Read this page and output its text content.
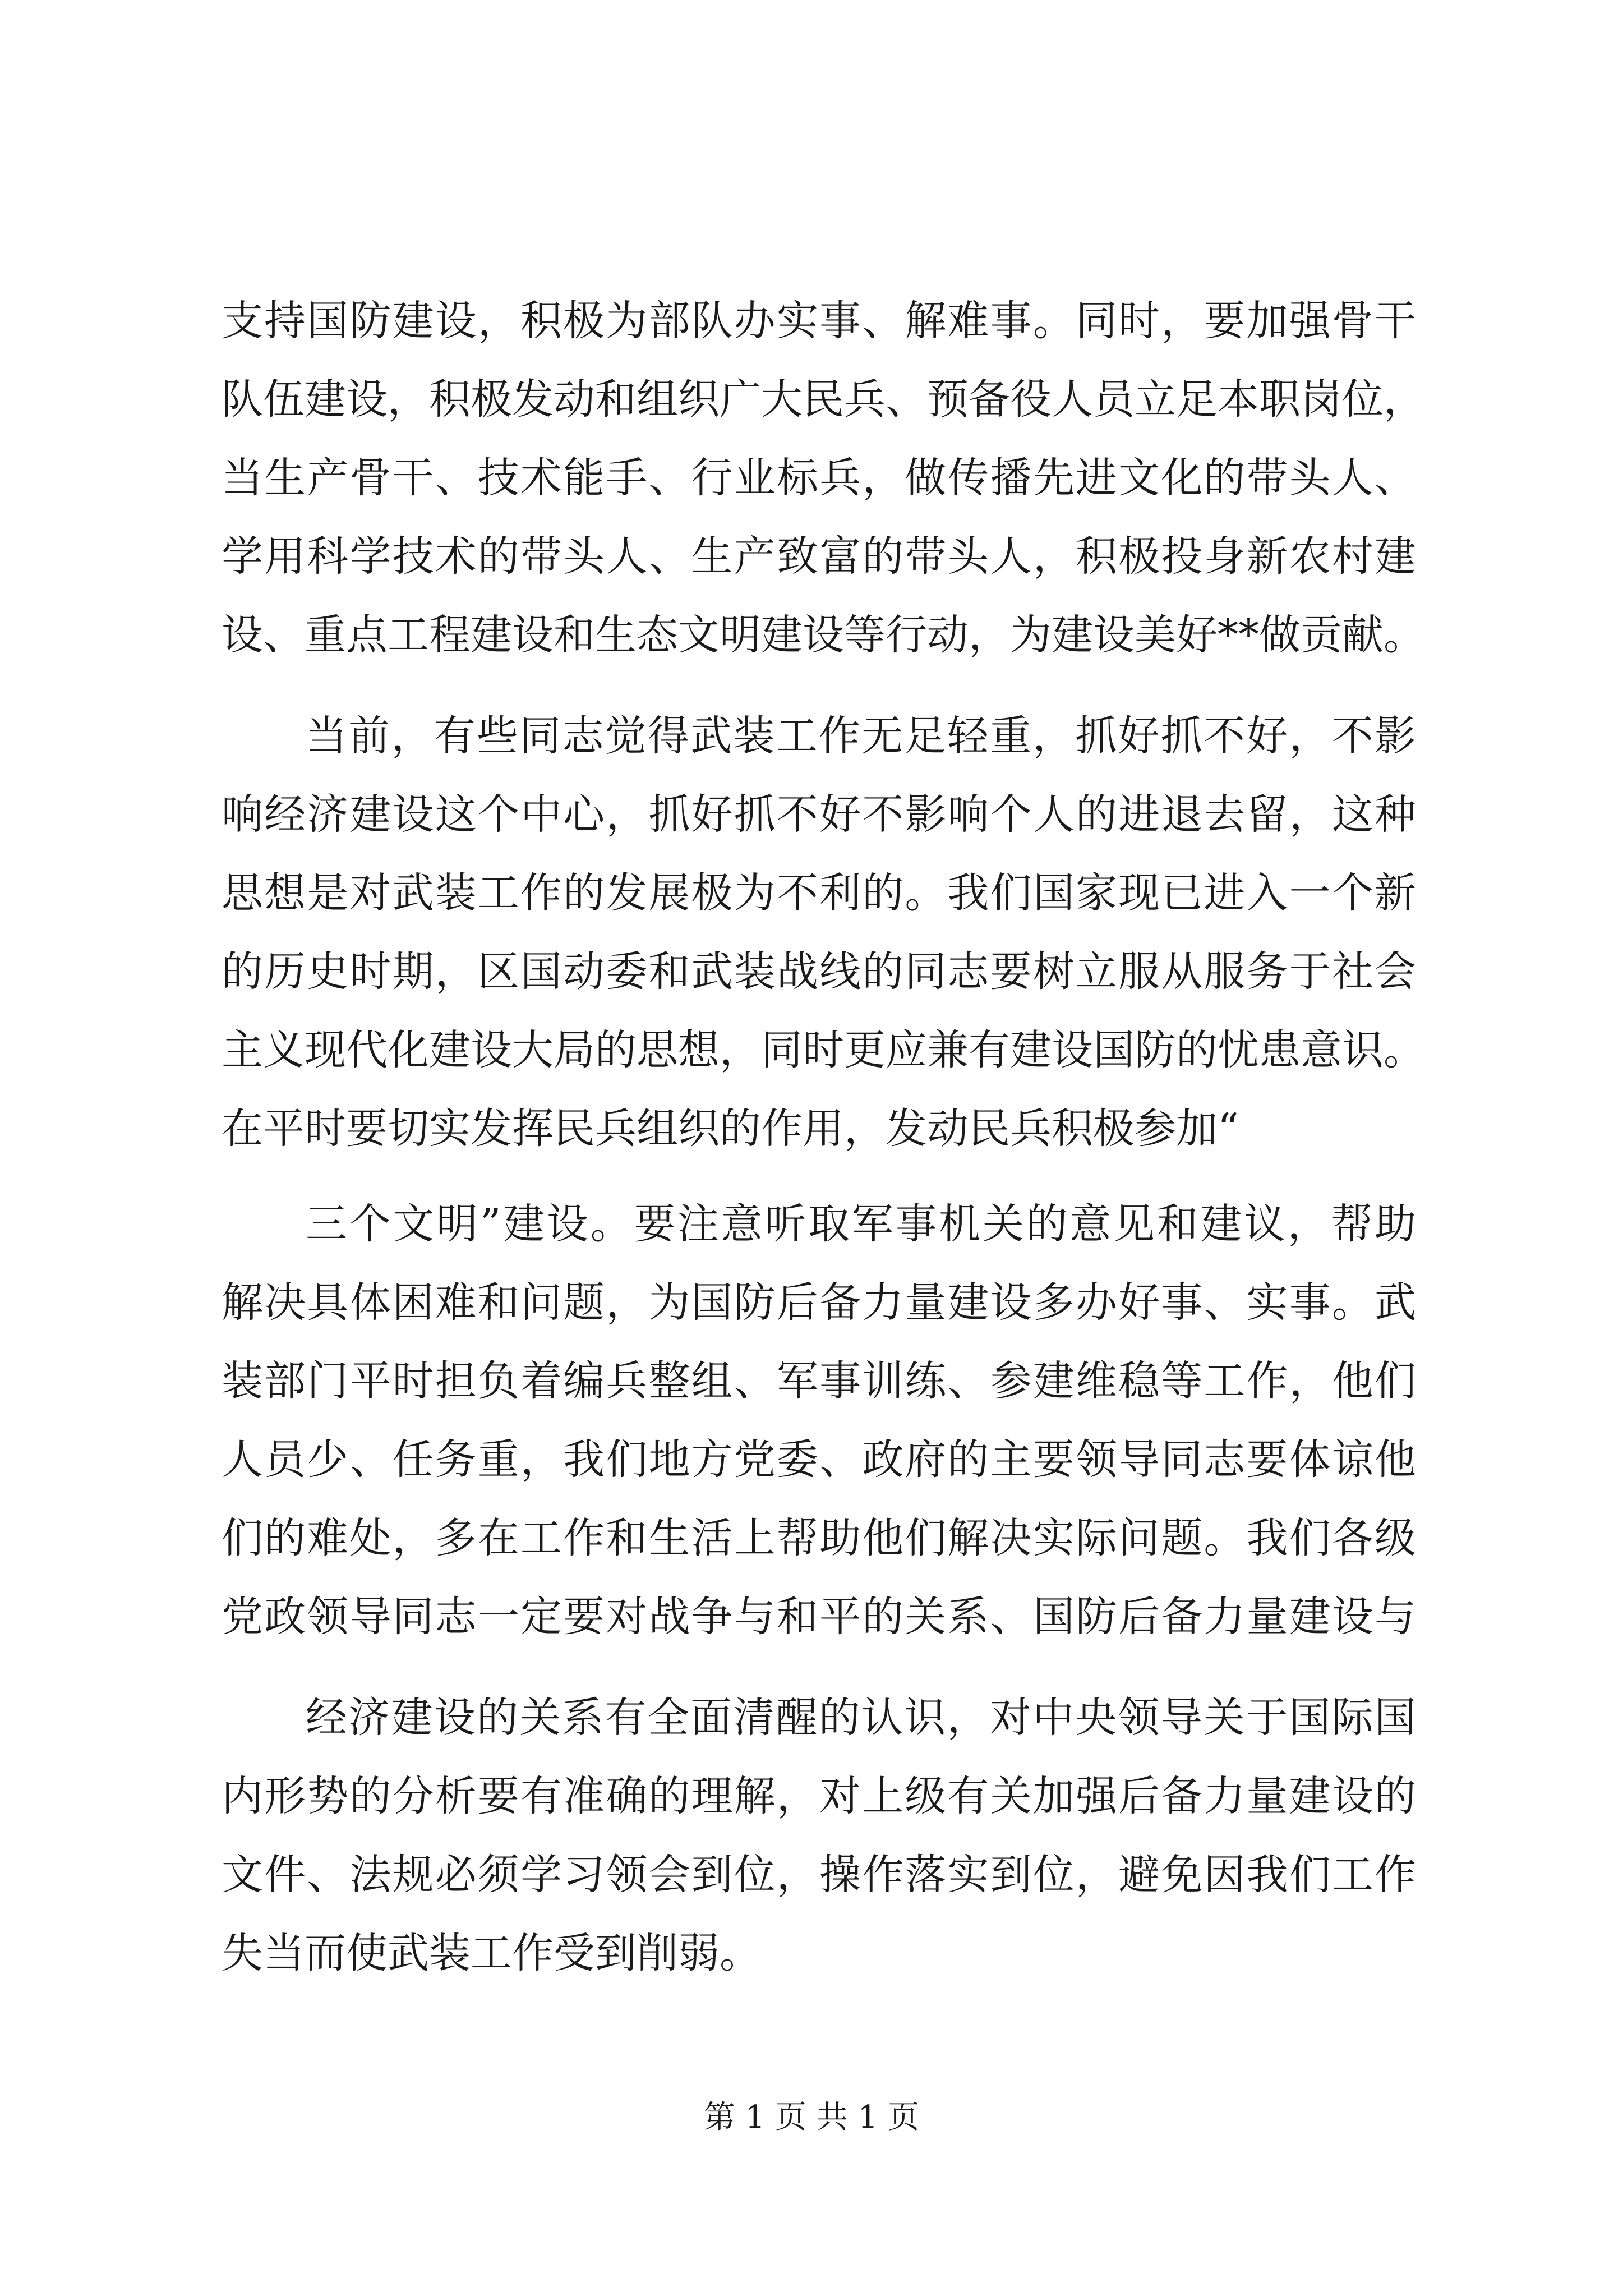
支持国防建设，积极为部队办实事、解难事。同时，要加强骨干
队伍建设，积极发动和组织广大民兵、预备役人员立足本职岗位，
当生产骨干、技术能手、行业标兵，做传播先进文化的带头人、
学用科学技术的带头人、生产致富的带头人，积极投身新农村建
设、重点工程建设和生态文明建设等行动，为建设美好**做贡献。
当前，有些同志觉得武装工作无足轻重，抓好抓不好，不影
响经济建设这个中心，抓好抓不好不影响个人的进退去留，这种
思想是对武装工作的发展极为不利的。我们国家现已进入一个新
的历史时期，区国动委和武装战线的同志要树立服从服务于社会
主义现代化建设大局的思想，同时更应兼有建设国防的忧患意识。
在平时要切实发挥民兵组织的作用，发动民兵积极参加“
三个文明”建设。要注意听取军事机关的意见和建议，帮助
解决具体困难和问题，为国防后备力量建设多办好事、实事。武
装部门平时担负着编兵整组、军事训练、参建维稳等工作，他们
人员少、任务重，我们地方党委、政府的主要领导同志要体谅他
们的难处，多在工作和生活上帮助他们解决实际问题。我们各级
党政领导同志一定要对战争与和平的关系、国防后备力量建设与
经济建设的关系有全面清醒的认识，对中央领导关于国际国
内形势的分析要有准确的理解，对上级有关加强后备力量建设的
文件、法规必须学习领会到位，操作落实到位，避免因我们工作
失当而使武装工作受到削弱。
第 1 页 共 1 页
